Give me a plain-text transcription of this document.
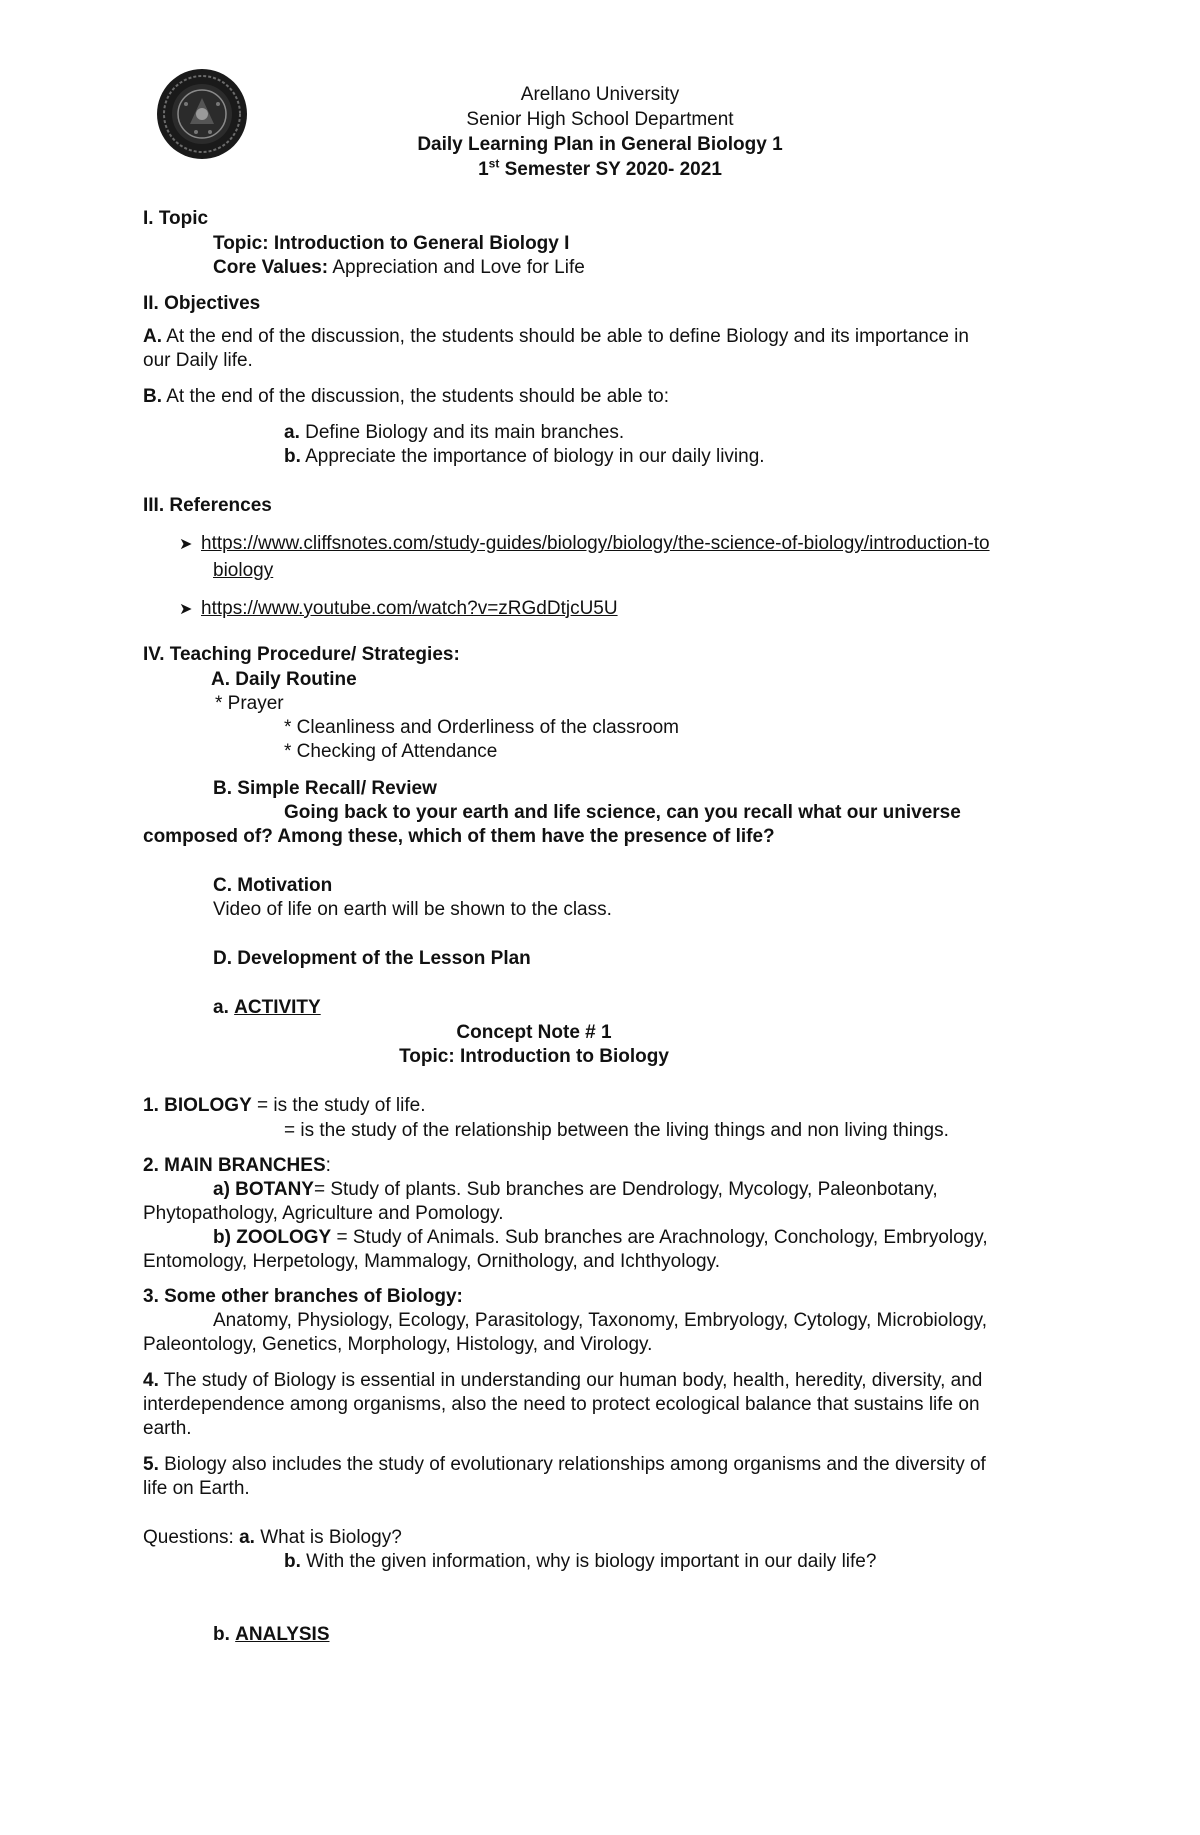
Arellano University
Senior High School Department
Daily Learning Plan in General Biology 1
1st Semester SY 2020- 2021
I. Topic
Topic: Introduction to General Biology I
Core Values: Appreciation and Love for Life
II. Objectives
A. At the end of the discussion, the students should be able to define Biology and its importance in
our Daily life.
B. At the end of the discussion, the students should be able to:
a. Define Biology and its main branches.
b. Appreciate the importance of biology in our daily living.
III. References
➤ https://www.cliffsnotes.com/study-guides/biology/biology/the-science-of-biology/introduction-to
biology
➤ https://www.youtube.com/watch?v=zRGdDtjcU5U
IV. Teaching Procedure/ Strategies:
A. Daily Routine
* Prayer
* Cleanliness and Orderliness of the classroom
* Checking of Attendance
B. Simple Recall/ Review
Going back to your earth and life science, can you recall what our universe
composed of? Among these, which of them have the presence of life?
C. Motivation
Video of life on earth will be shown to the class.
D. Development of the Lesson Plan
a. ACTIVITY
Concept Note # 1
Topic: Introduction to Biology
1. BIOLOGY = is the study of life.
= is the study of the relationship between the living things and non living things.
2. MAIN BRANCHES:
a) BOTANY= Study of plants. Sub branches are Dendrology, Mycology, Paleonbotany,
Phytopathology, Agriculture and Pomology.
b) ZOOLOGY = Study of Animals. Sub branches are Arachnology, Conchology, Embryology,
Entomology, Herpetology, Mammalogy, Ornithology, and Ichthyology.
3. Some other branches of Biology:
Anatomy, Physiology, Ecology, Parasitology, Taxonomy, Embryology, Cytology, Microbiology,
Paleontology, Genetics, Morphology, Histology, and Virology.
4. The study of Biology is essential in understanding our human body, health, heredity, diversity, and
interdependence among organisms, also the need to protect ecological balance that sustains life on
earth.
5. Biology also includes the study of evolutionary relationships among organisms and the diversity of
life on Earth.
Questions: a. What is Biology?
b. With the given information, why is biology important in our daily life?
b. ANALYSIS
